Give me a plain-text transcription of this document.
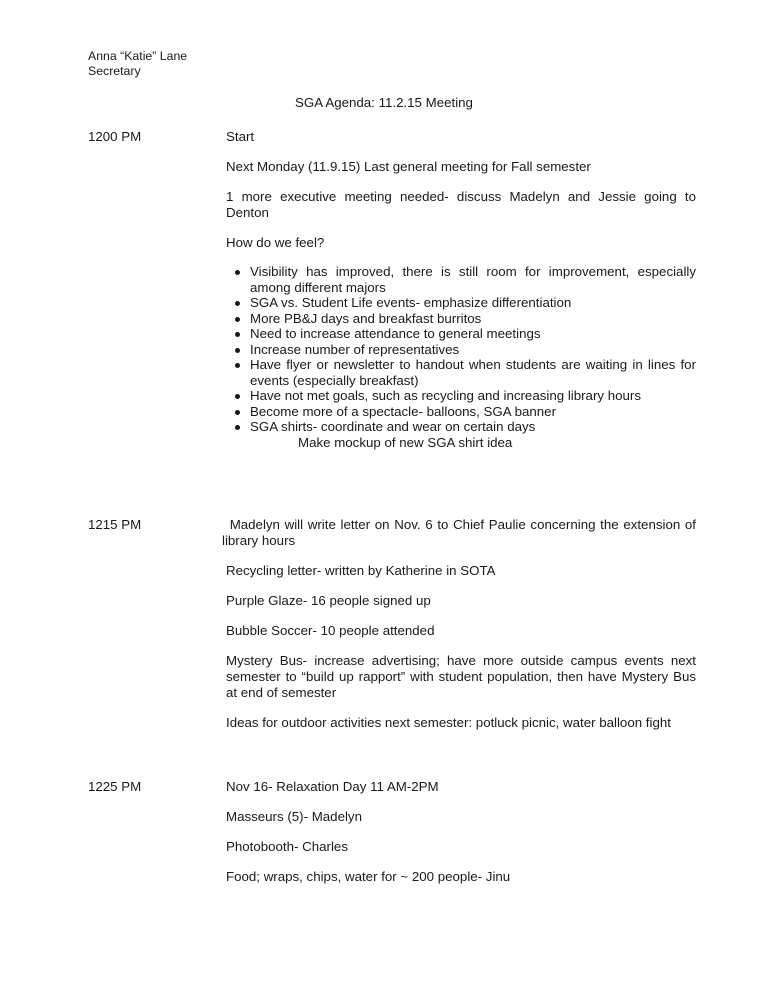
Anna “Katie” Lane
Secretary
SGA Agenda: 11.2.15 Meeting
1200 PM	Start

Next Monday (11.9.15) Last general meeting for Fall semester

1 more executive meeting needed- discuss Madelyn and Jessie going to Denton

How do we feel?

Visibility has improved, there is still room for improvement, especially among different majors
SGA vs. Student Life events- emphasize differentiation
More PB&J days and breakfast burritos
Need to increase attendance to general meetings
Increase number of representatives
Have flyer or newsletter to handout when students are waiting in lines for events (especially breakfast)
Have not met goals, such as recycling and increasing library hours
Become more of a spectacle- balloons, SGA banner
SGA shirts- coordinate and wear on certain days
Make mockup of new SGA shirt idea
1215 PM	Madelyn will write letter on Nov. 6 to Chief Paulie concerning the extension of library hours

Recycling letter- written by Katherine in SOTA

Purple Glaze- 16 people signed up

Bubble Soccer- 10 people attended

Mystery Bus- increase advertising; have more outside campus events next semester to “build up rapport” with student population, then have Mystery Bus at end of semester

Ideas for outdoor activities next semester: potluck picnic, water balloon fight

1225 PM	Nov 16- Relaxation Day 11 AM-2PM

Masseurs (5)- Madelyn

Photobooth- Charles

Food; wraps, chips, water for ~ 200 people- Jinu
